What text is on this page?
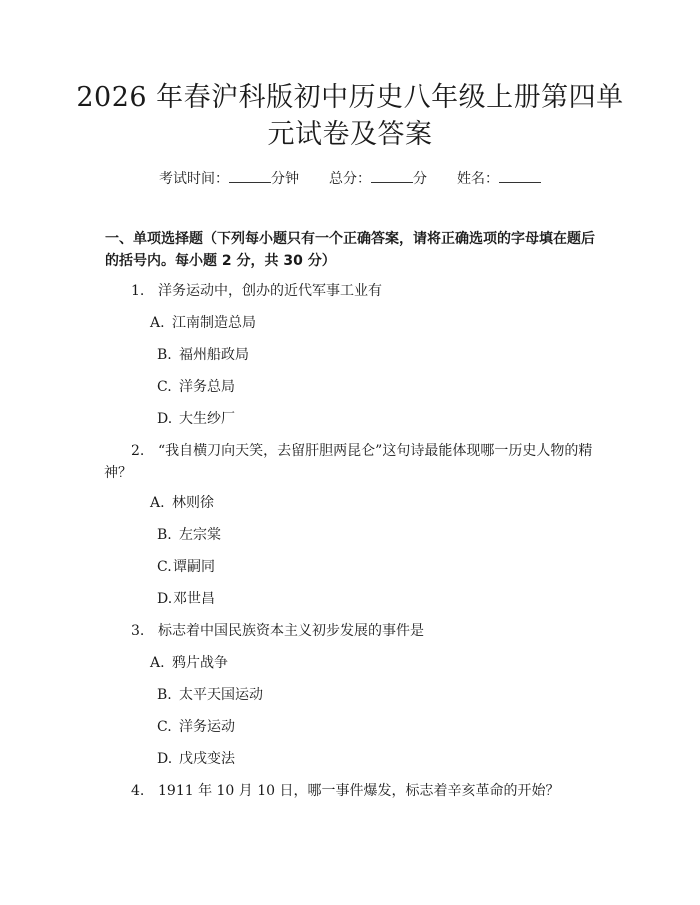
2026 年春沪科版初中历史八年级上册第四单
元试卷及答案
考试时间：	分钟 总分：	分 姓名：
一、单项选择题（下列每小题只有一个正确答案，请将正确选项的字母填在题后
的括号内。每小题 2 分，共 30 分）
1. 洋务运动中，创办的近代军事工业有
A. 江南制造总局
B. 福州船政局
C. 洋务总局
D. 大生纱厂
2. “我自横刀向天笑，去留肝胆两昆仑”这句诗最能体现哪一历史人物的精
神？
A. 林则徐
B. 左宗棠
C.谭嗣同
D.邓世昌
3. 标志着中国民族资本主义初步发展的事件是
A. 鸦片战争
B. 太平天国运动
C. 洋务运动
D. 戊戌变法
4. 1911 年 10 月 10 日，哪一事件爆发，标志着辛亥革命的开始？
